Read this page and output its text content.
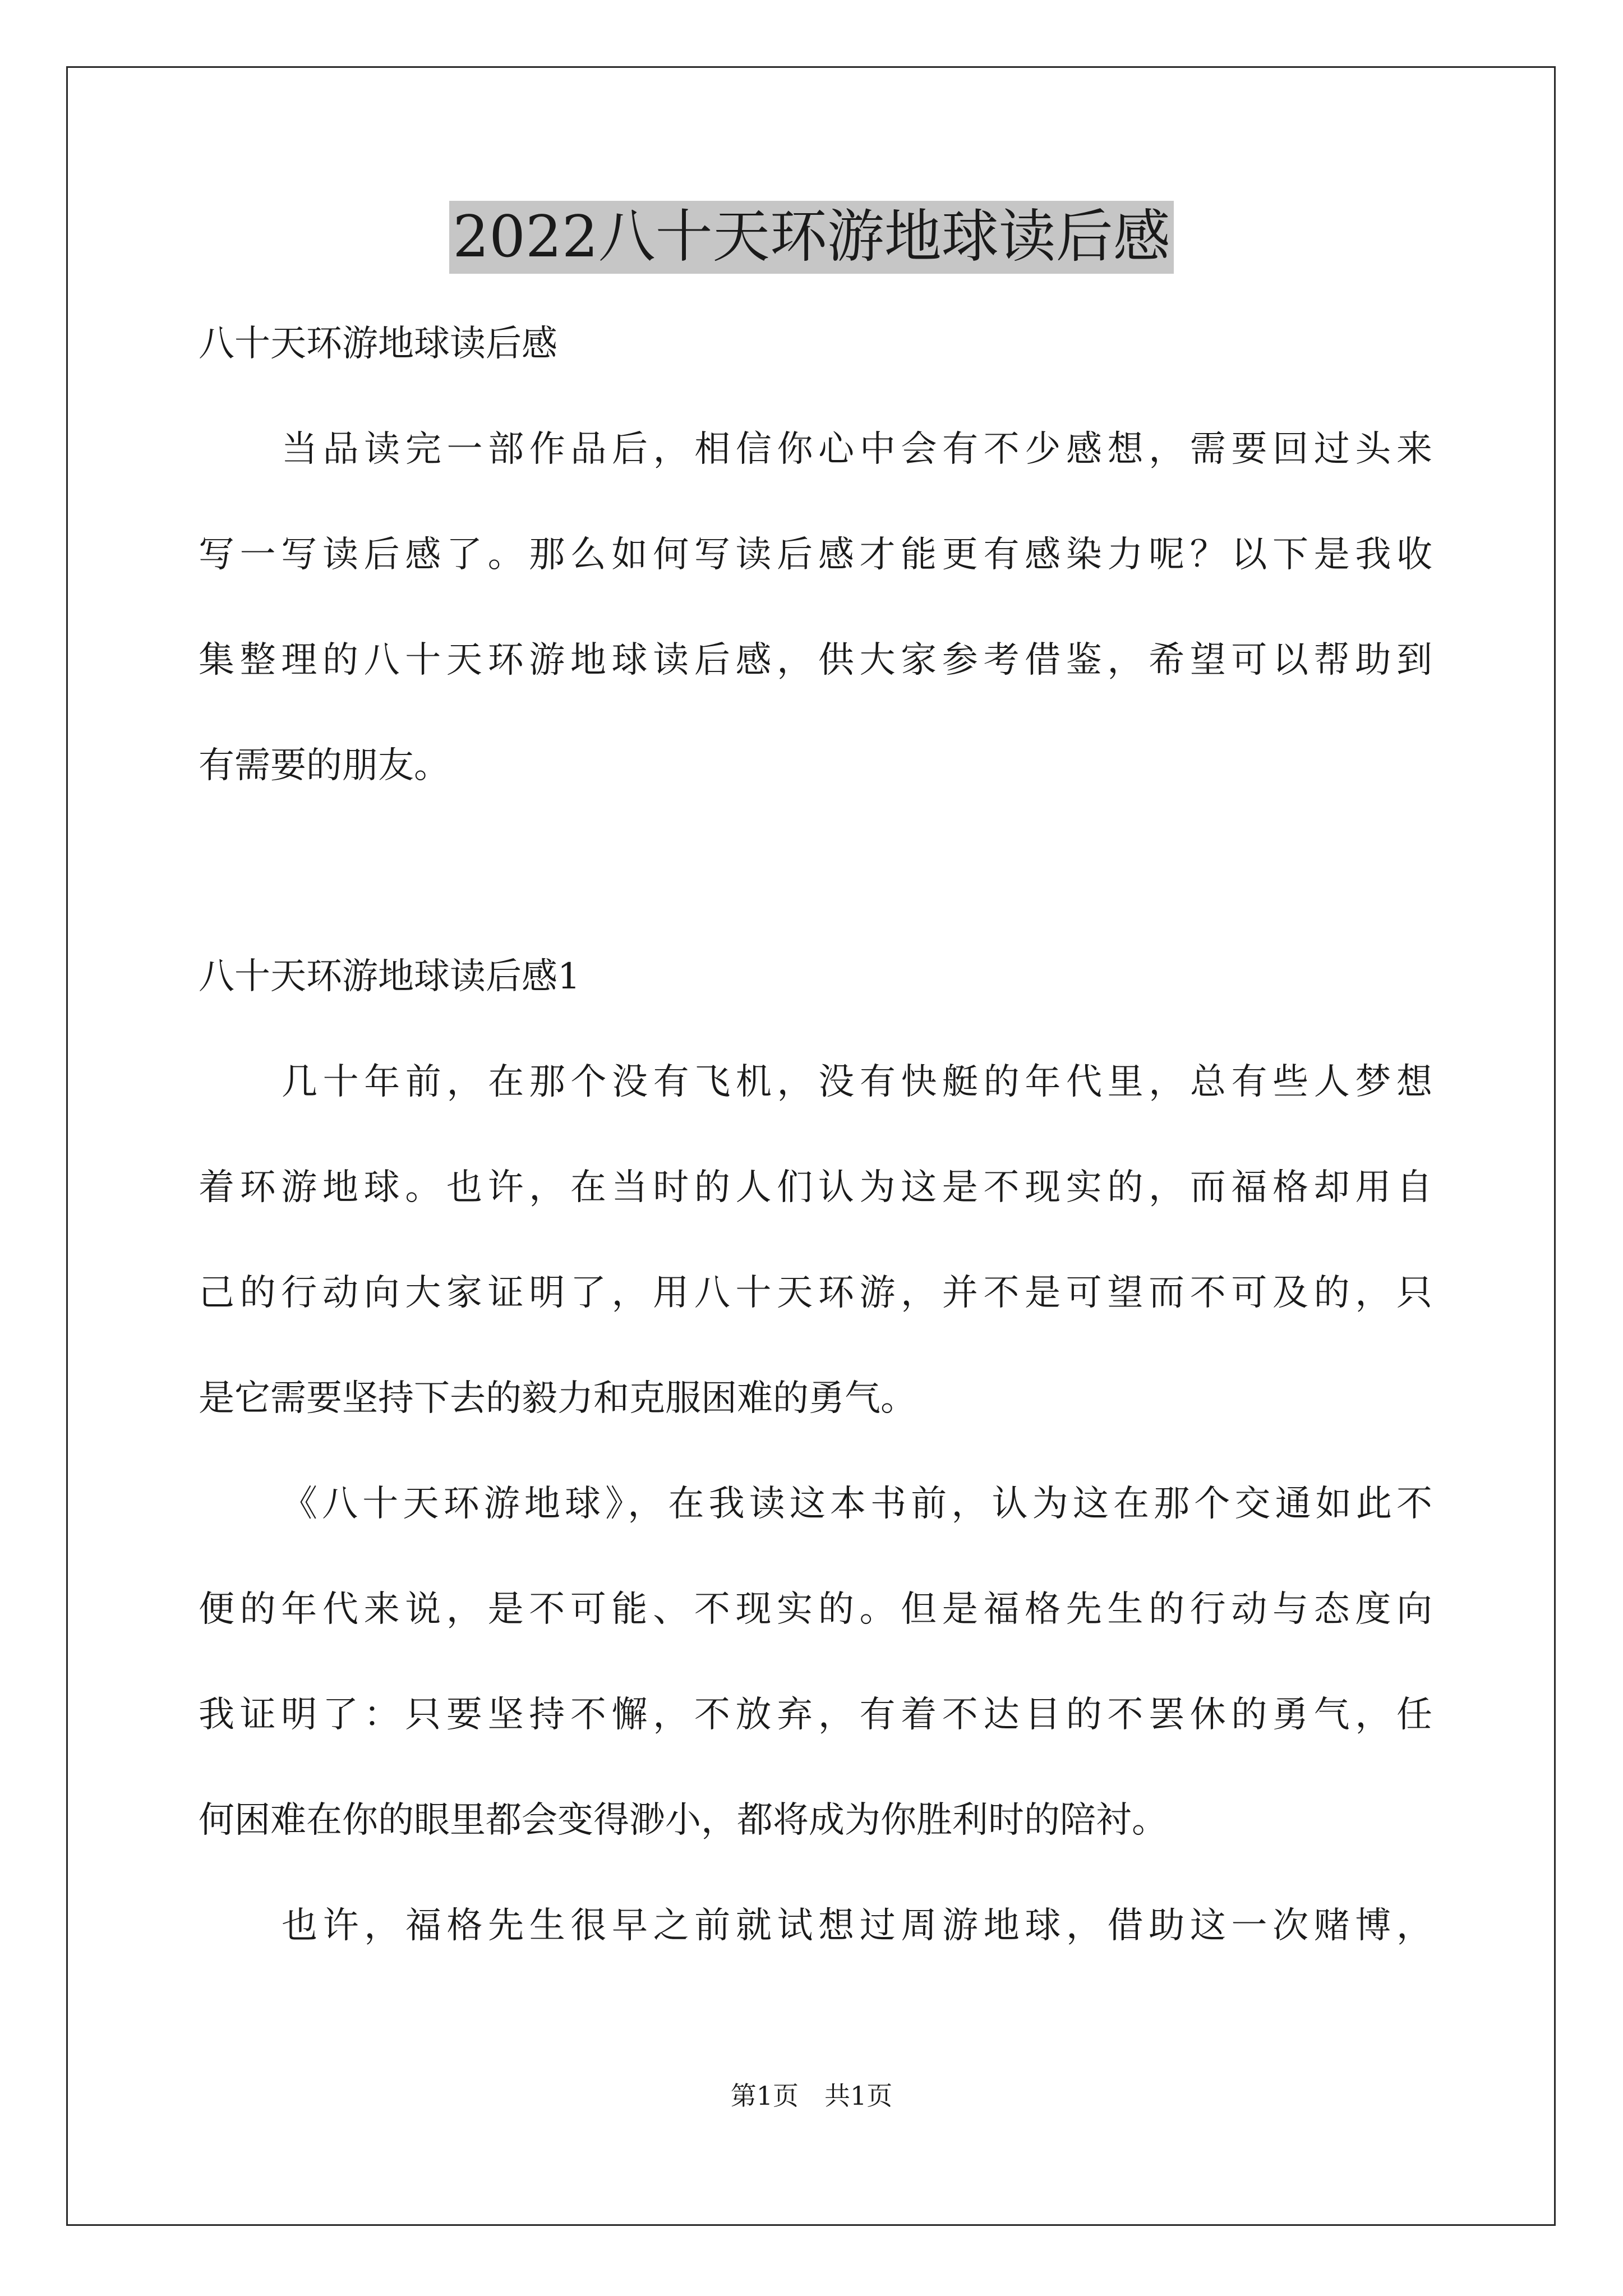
2022八十天环游地球读后感
八十天环游地球读后感
当品读完一部作品后，相信你心中会有不少感想，需要回过头来
写一写读后感了。那么如何写读后感才能更有感染力呢？以下是我收
集整理的八十天环游地球读后感，供大家参考借鉴，希望可以帮助到
有需要的朋友。
八十天环游地球读后感1
几十年前，在那个没有飞机，没有快艇的年代里，总有些人梦想
着环游地球。也许，在当时的人们认为这是不现实的，而福格却用自
己的行动向大家证明了，用八十天环游，并不是可望而不可及的，只
是它需要坚持下去的毅力和克服困难的勇气。
《八十天环游地球》，在我读这本书前，认为这在那个交通如此不
便的年代来说，是不可能、不现实的。但是福格先生的行动与态度向
我证明了：只要坚持不懈，不放弃，有着不达目的不罢休的勇气，任
何困难在你的眼里都会变得渺小，都将成为你胜利时的陪衬。
也许，福格先生很早之前就试想过周游地球，借助这一次赌博，
第1页 共1页
